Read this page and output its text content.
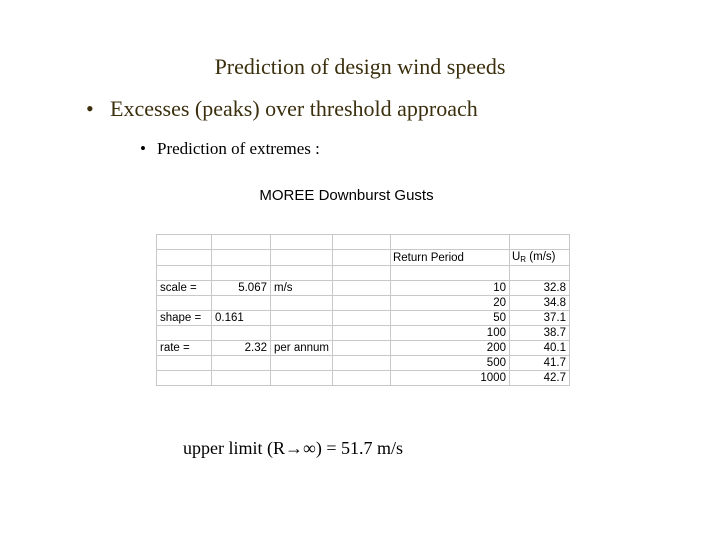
Prediction of design wind speeds
• Excesses (peaks) over threshold approach
• Prediction of extremes :
MOREE Downburst Gusts

				Return Period	$U_R$ (m/s)

scale =	5.067	m/s		10	32.8
				20	34.8
shape =	0.161			50	37.1
				100	38.7
rate =	2.32	per annum		200	40.1
				500	41.7
				1000	42.7
upper limit (R→∞) = 51.7 m/s
